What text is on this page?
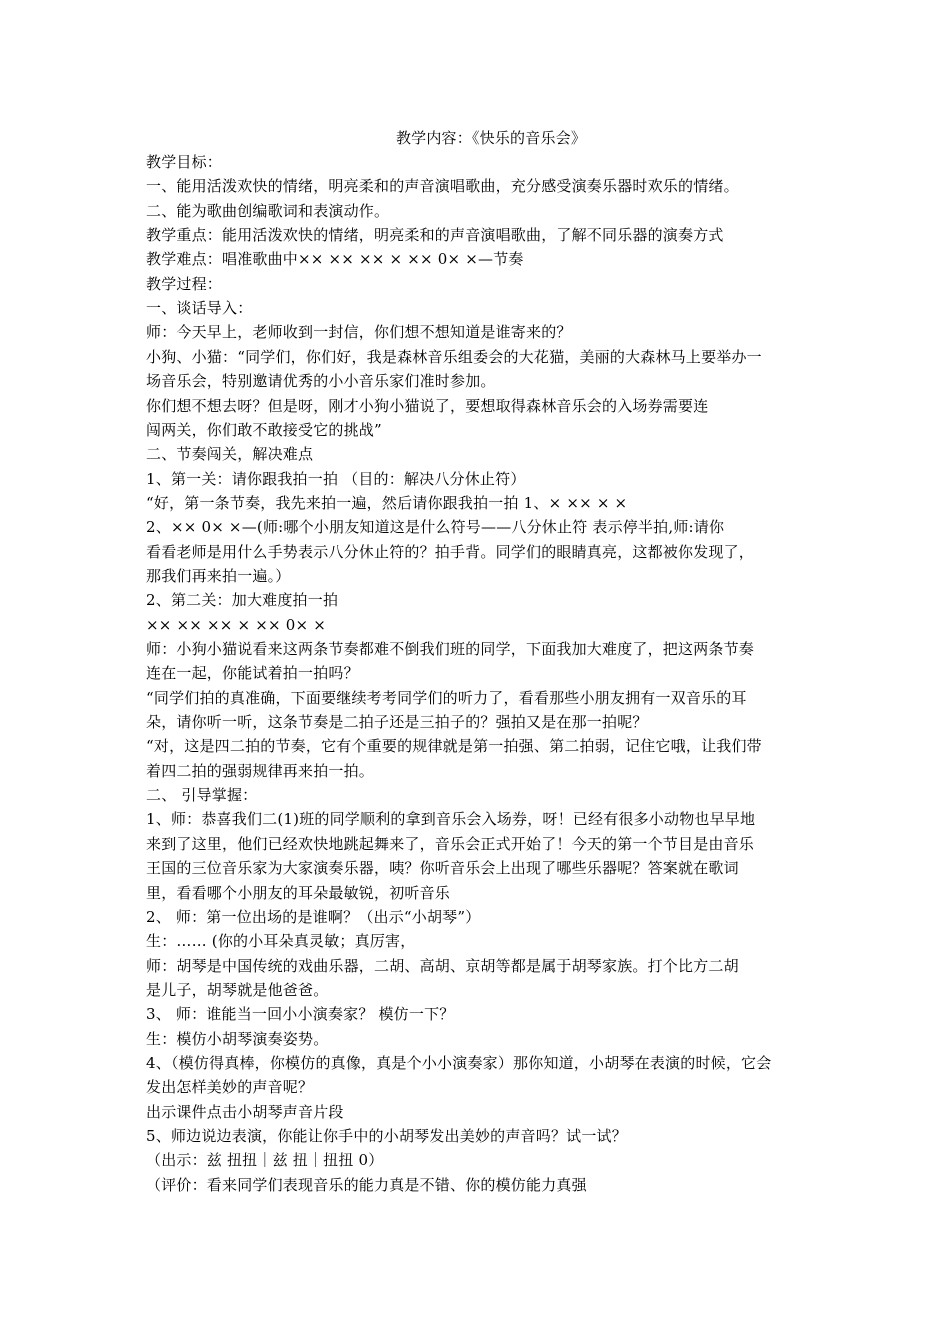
教学内容：《快乐的音乐会》
教学目标：
一、能用活泼欢快的情绪，明亮柔和的声音演唱歌曲，充分感受演奏乐器时欢乐的情绪。
二、能为歌曲创编歌词和表演动作。
教学重点：能用活泼欢快的情绪，明亮柔和的声音演唱歌曲，了解不同乐器的演奏方式
教学难点：唱准歌曲中×× ×× ×× × ×× 0× ×—节奏
教学过程：
一、谈话导入：
师：今天早上，老师收到一封信，你们想不想知道是谁寄来的？
小狗、小猫：“同学们，你们好，我是森林音乐组委会的大花猫，美丽的大森林马上要举办一
场音乐会，特别邀请优秀的小小音乐家们准时参加。
你们想不想去呀？但是呀，刚才小狗小猫说了，要想取得森林音乐会的入场券需要连
闯两关，你们敢不敢接受它的挑战”
二、节奏闯关，解决难点
1、第一关：请你跟我拍一拍 （目的：解决八分休止符）
“好，第一条节奏，我先来拍一遍，然后请你跟我拍一拍 1、× ×× × ×
2、×× 0× ×—(师:哪个小朋友知道这是什么符号——八分休止符 表示停半拍,师:请你
看看老师是用什么手势表示八分休止符的？拍手背。同学们的眼睛真亮，这都被你发现了，
那我们再来拍一遍。）
2、第二关：加大难度拍一拍
×× ×× ×× × ×× 0× ×
师：小狗小猫说看来这两条节奏都难不倒我们班的同学，下面我加大难度了，把这两条节奏
连在一起，你能试着拍一拍吗？
“同学们拍的真准确，下面要继续考考同学们的听力了，看看那些小朋友拥有一双音乐的耳
朵，请你听一听，这条节奏是二拍子还是三拍子的？强拍又是在那一拍呢？
“对，这是四二拍的节奏，它有个重要的规律就是第一拍强、第二拍弱，记住它哦，让我们带
着四二拍的强弱规律再来拍一拍。
二、 引导掌握：
1、师：恭喜我们二(1)班的同学顺利的拿到音乐会入场券，呀！已经有很多小动物也早早地
来到了这里，他们已经欢快地跳起舞来了，音乐会正式开始了！今天的第一个节目是由音乐
王国的三位音乐家为大家演奏乐器，咦？你听音乐会上出现了哪些乐器呢？答案就在歌词
里，看看哪个小朋友的耳朵最敏锐，初听音乐
2、 师：第一位出场的是谁啊？（出示“小胡琴”）
生：…… (你的小耳朵真灵敏；真厉害，
师：胡琴是中国传统的戏曲乐器，二胡、高胡、京胡等都是属于胡琴家族。打个比方二胡
是儿子，胡琴就是他爸爸。
3、 师：谁能当一回小小演奏家？ 模仿一下？
生：模仿小胡琴演奏姿势。
4、（模仿得真棒，你模仿的真像，真是个小小演奏家）那你知道，小胡琴在表演的时候，它会
发出怎样美妙的声音呢？
出示课件点击小胡琴声音片段
5、师边说边表演，你能让你手中的小胡琴发出美妙的声音吗？试一试？
（出示：兹 扭扭｜兹 扭｜扭扭 0）
（评价：看来同学们表现音乐的能力真是不错、你的模仿能力真强
